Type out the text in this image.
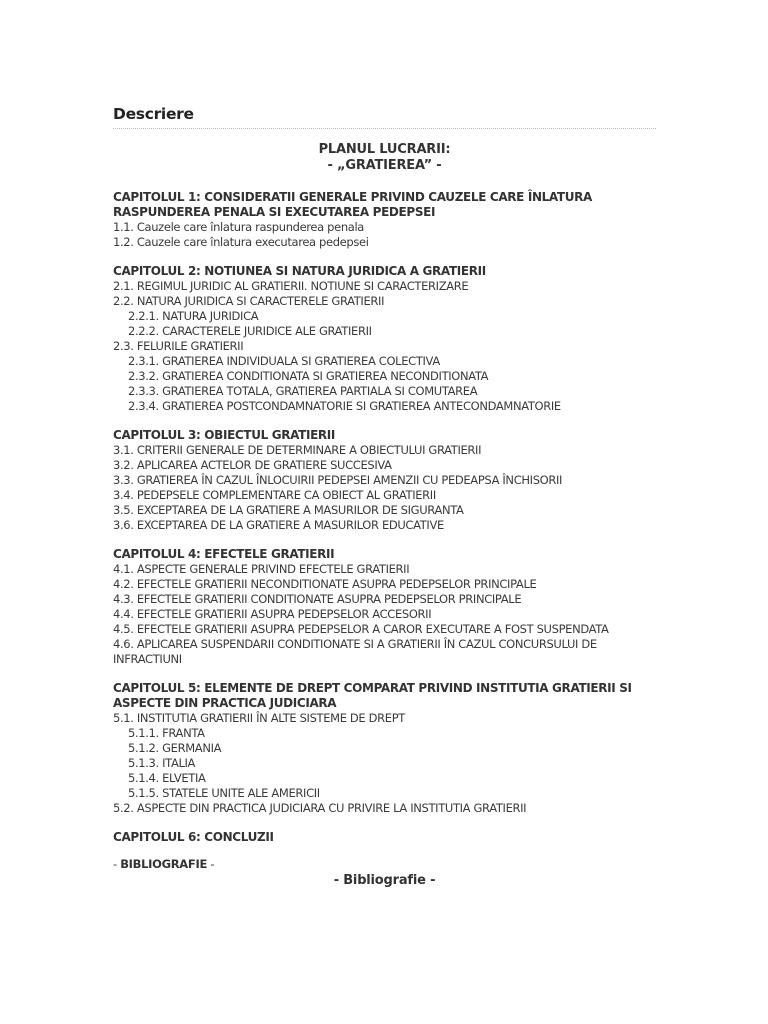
Descriere
PLANUL LUCRARII:
- „GRATIEREA” -
CAPITOLUL 1: CONSIDERATII GENERALE PRIVIND CAUZELE CARE ÎNLATURA RASPUNDEREA PENALA SI EXECUTAREA PEDEPSEI
1.1. Cauzele care înlatura raspunderea penala
1.2. Cauzele care înlatura executarea pedepsei
CAPITOLUL 2: NOTIUNEA SI NATURA JURIDICA A GRATIERII
2.1. REGIMUL JURIDIC AL GRATIERII. NOTIUNE SI CARACTERIZARE
2.2. NATURA JURIDICA SI CARACTERELE GRATIERII
2.2.1. NATURA JURIDICA
2.2.2. CARACTERELE JURIDICE ALE GRATIERII
2.3. FELURILE GRATIERII
2.3.1. GRATIEREA INDIVIDUALA SI GRATIEREA COLECTIVA
2.3.2. GRATIEREA CONDITIONATA SI GRATIEREA NECONDITIONATA
2.3.3. GRATIEREA TOTALA, GRATIEREA PARTIALA SI COMUTAREA
2.3.4. GRATIEREA POSTCONDAMNATORIE SI GRATIEREA ANTECONDAMNATORIE
CAPITOLUL 3: OBIECTUL GRATIERII
3.1. CRITERII GENERALE DE DETERMINARE A OBIECTULUI GRATIERII
3.2. APLICAREA ACTELOR DE GRATIERE SUCCESIVA
3.3. GRATIEREA ÎN CAZUL ÎNLOCUIRII PEDEPSEI AMENZII CU PEDEAPSA ÎNCHISORII
3.4. PEDEPSELE COMPLEMENTARE CA OBIECT AL GRATIERII
3.5. EXCEPTAREA DE LA GRATIERE A MASURILOR DE SIGURANTA
3.6. EXCEPTAREA DE LA GRATIERE A MASURILOR EDUCATIVE
CAPITOLUL 4: EFECTELE GRATIERII
4.1. ASPECTE GENERALE PRIVIND EFECTELE GRATIERII
4.2. EFECTELE GRATIERII NECONDITIONATE ASUPRA PEDEPSELOR PRINCIPALE
4.3. EFECTELE GRATIERII CONDITIONATE ASUPRA PEDEPSELOR PRINCIPALE
4.4. EFECTELE GRATIERII ASUPRA PEDEPSELOR ACCESORII
4.5. EFECTELE GRATIERII ASUPRA PEDEPSELOR A CAROR EXECUTARE A FOST SUSPENDATA
4.6. APLICAREA SUSPENDARII CONDITIONATE SI A GRATIERII ÎN CAZUL CONCURSULUI DE INFRACTIUNI
CAPITOLUL 5: ELEMENTE DE DREPT COMPARAT PRIVIND INSTITUTIA GRATIERII SI ASPECTE DIN PRACTICA JUDICIARA
5.1. INSTITUTIA GRATIERII ÎN ALTE SISTEME DE DREPT
5.1.1. FRANTA
5.1.2. GERMANIA
5.1.3. ITALIA
5.1.4. ELVETIA
5.1.5. STATELE UNITE ALE AMERICII
5.2. ASPECTE DIN PRACTICA JUDICIARA CU PRIVIRE LA INSTITUTIA GRATIERII
CAPITOLUL 6: CONCLUZII
- BIBLIOGRAFIE -
- Bibliografie -
